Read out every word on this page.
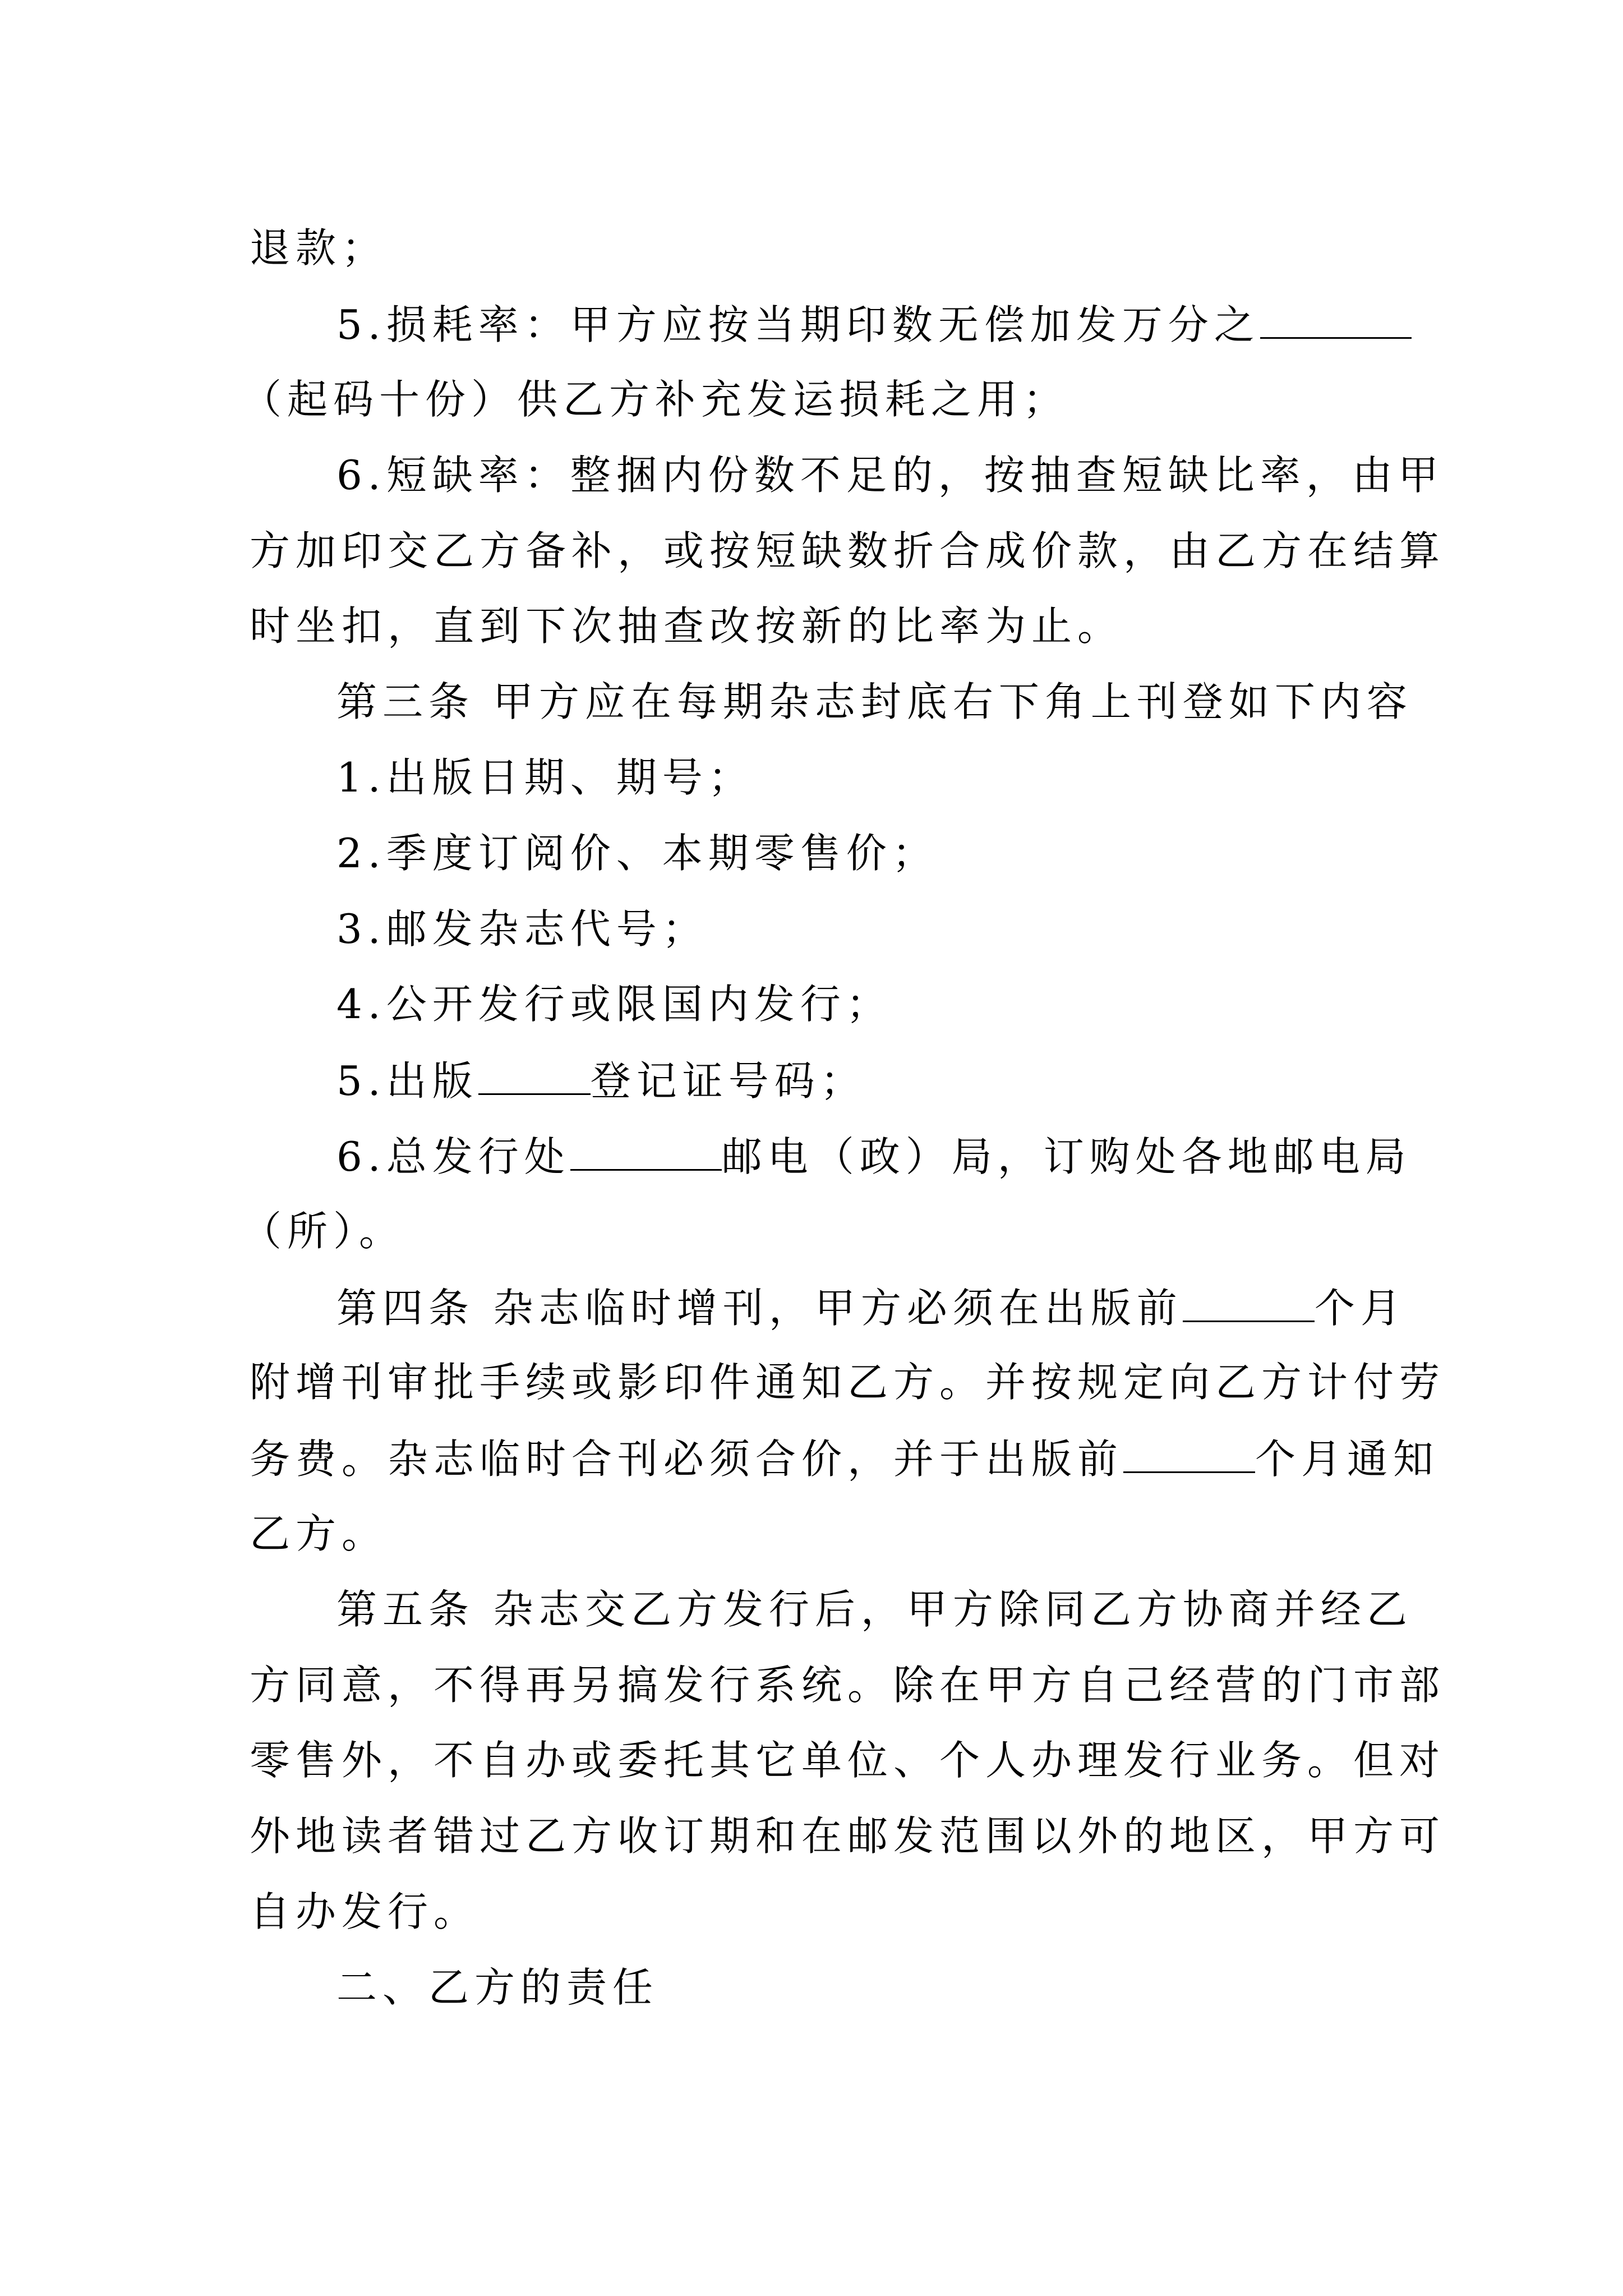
退款；
5.损耗率：甲方应按当期印数无偿加发万分之
（起码十份）供乙方补充发运损耗之用；
6.短缺率：整捆内份数不足的，按抽查短缺比率，由甲
方加印交乙方备补，或按短缺数折合成价款，由乙方在结算
时坐扣，直到下次抽查改按新的比率为止。
第三条 甲方应在每期杂志封底右下角上刊登如下内容
1.出版日期、期号；
2.季度订阅价、本期零售价；
3.邮发杂志代号；
4.公开发行或限国内发行；
5.出版	登记证号码；
6.总发行处	邮电（政）局，订购处各地邮电局
（所）。
第四条 杂志临时增刊，甲方必须在出版前	个月
附增刊审批手续或影印件通知乙方。并按规定向乙方计付劳
务费。杂志临时合刊必须合价，并于出版前	个月通知
乙方。
第五条 杂志交乙方发行后，甲方除同乙方协商并经乙
方同意，不得再另搞发行系统。除在甲方自己经营的门市部
零售外，不自办或委托其它单位、个人办理发行业务。但对
外地读者错过乙方收订期和在邮发范围以外的地区，甲方可
自办发行。
二、乙方的责任
